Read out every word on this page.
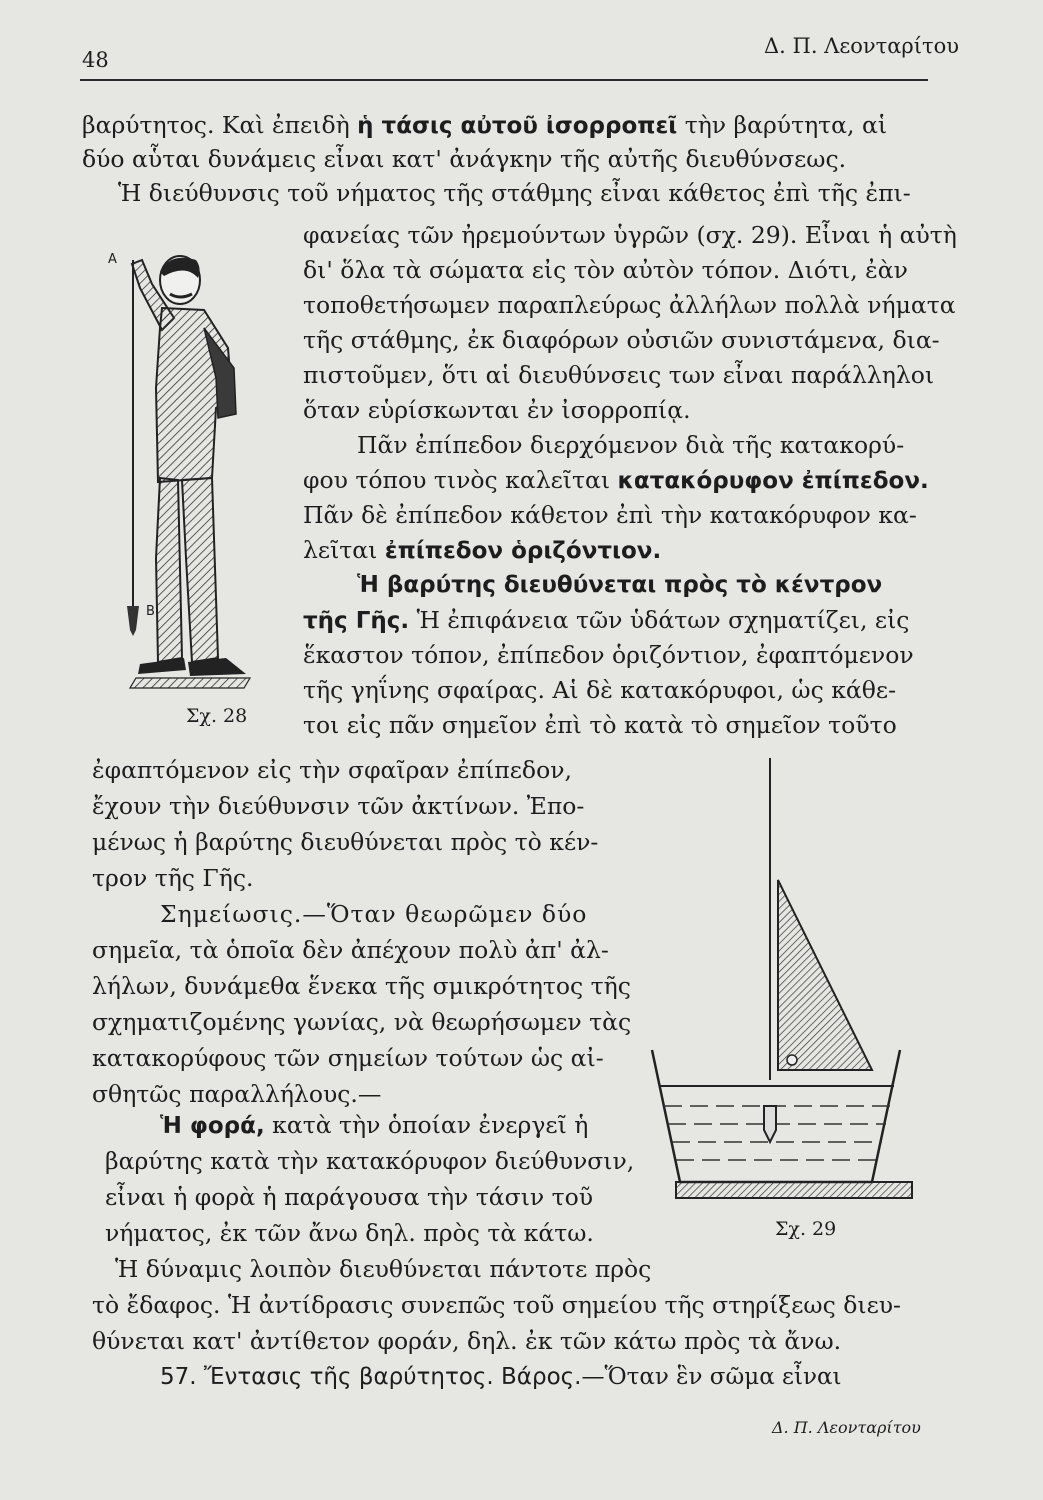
48
Δ. Π. Λεονταρίτου
βαρύτητος. Καὶ ἐπειδὴ ἡ τάσις αὐτοῦ ἰσορροπεῖ τὴν βαρύτητα, αἱ
δύο αὗται δυνάμεις εἶναι κατ' ἀνάγκην τῆς αὐτῆς διευθύνσεως.
Ἡ διεύθυνσις τοῦ νήματος τῆς στάθμης εἶναι κάθετος ἐπὶ τῆς ἐπι-
φανείας τῶν ἠρεμούντων ὑγρῶν (σχ. 29). Εἶναι ἡ αὐτὴ
δι' ὅλα τὰ σώματα εἰς τὸν αὐτὸν τόπον. Διότι, ἐὰν
τοποθετήσωμεν παραπλεύρως ἀλλήλων πολλὰ νήματα
τῆς στάθμης, ἐκ διαφόρων οὐσιῶν συνιστάμενα, δια-
πιστοῦμεν, ὅτι αἱ διευθύνσεις των εἶναι παράλληλοι
ὅταν εὑρίσκωνται ἐν ἰσορροπίᾳ.
Πᾶν ἐπίπεδον διερχόμενον διὰ τῆς κατακορύ-
φου τόπου τινὸς καλεῖται κατακόρυφον ἐπίπεδον.
Πᾶν δὲ ἐπίπεδον κάθετον ἐπὶ τὴν κατακόρυφον κα-
λεῖται ἐπίπεδον ὁριζόντιον.
Ἡ βαρύτης διευθύνεται πρὸς τὸ κέντρον
τῆς Γῆς. Ἡ ἐπιφάνεια τῶν ὑδάτων σχηματίζει, εἰς
ἕκαστον τόπον, ἐπίπεδον ὁριζόντιον, ἐφαπτόμενον
τῆς γηΐνης σφαίρας. Αἱ δὲ κατακόρυφοι, ὡς κάθε-
τοι εἰς πᾶν σημεῖον ἐπὶ τὸ κατὰ τὸ σημεῖον τοῦτο
ἐφαπτόμενον εἰς τὴν σφαῖραν ἐπίπεδον,
ἔχουν τὴν διεύθυνσιν τῶν ἀκτίνων. Ἐπο-
μένως ἡ βαρύτης διευθύνεται πρὸς τὸ κέν-
τρον τῆς Γῆς.
Σημείωσις.—Ὅταν θεωρῶμεν δύο
σημεῖα, τὰ ὁποῖα δὲν ἀπέχουν πολὺ ἀπ' ἀλ-
λήλων, δυνάμεθα ἕνεκα τῆς σμικρότητος τῆς
σχηματιζομένης γωνίας, νὰ θεωρήσωμεν τὰς
κατακορύφους τῶν σημείων τούτων ὡς αἰ-
σθητῶς παραλλήλους.—
Ἡ φορά, κατὰ τὴν ὁποίαν ἐνεργεῖ ἡ
βαρύτης κατὰ τὴν κατακόρυφον διεύθυνσιν,
εἶναι ἡ φορὰ ἡ παράγουσα τὴν τάσιν τοῦ
νήματος, ἐκ τῶν ἄνω δηλ. πρὸς τὰ κάτω.
Ἡ δύναμις λοιπὸν διευθύνεται πάντοτε πρὸς
τὸ ἔδαφος. Ἡ ἀντίδρασις συνεπῶς τοῦ σημείου τῆς στηρίξεως διευ-
θύνεται κατ' ἀντίθετον φοράν, δηλ. ἐκ τῶν κάτω πρὸς τὰ ἄνω.
57. Ἔντασις τῆς βαρύτητος. Βάρος.—Ὅταν ἓν σῶμα εἶναι
Δ. Π. Λεονταρίτου
A
B
Σχ. 28
Σχ. 29
